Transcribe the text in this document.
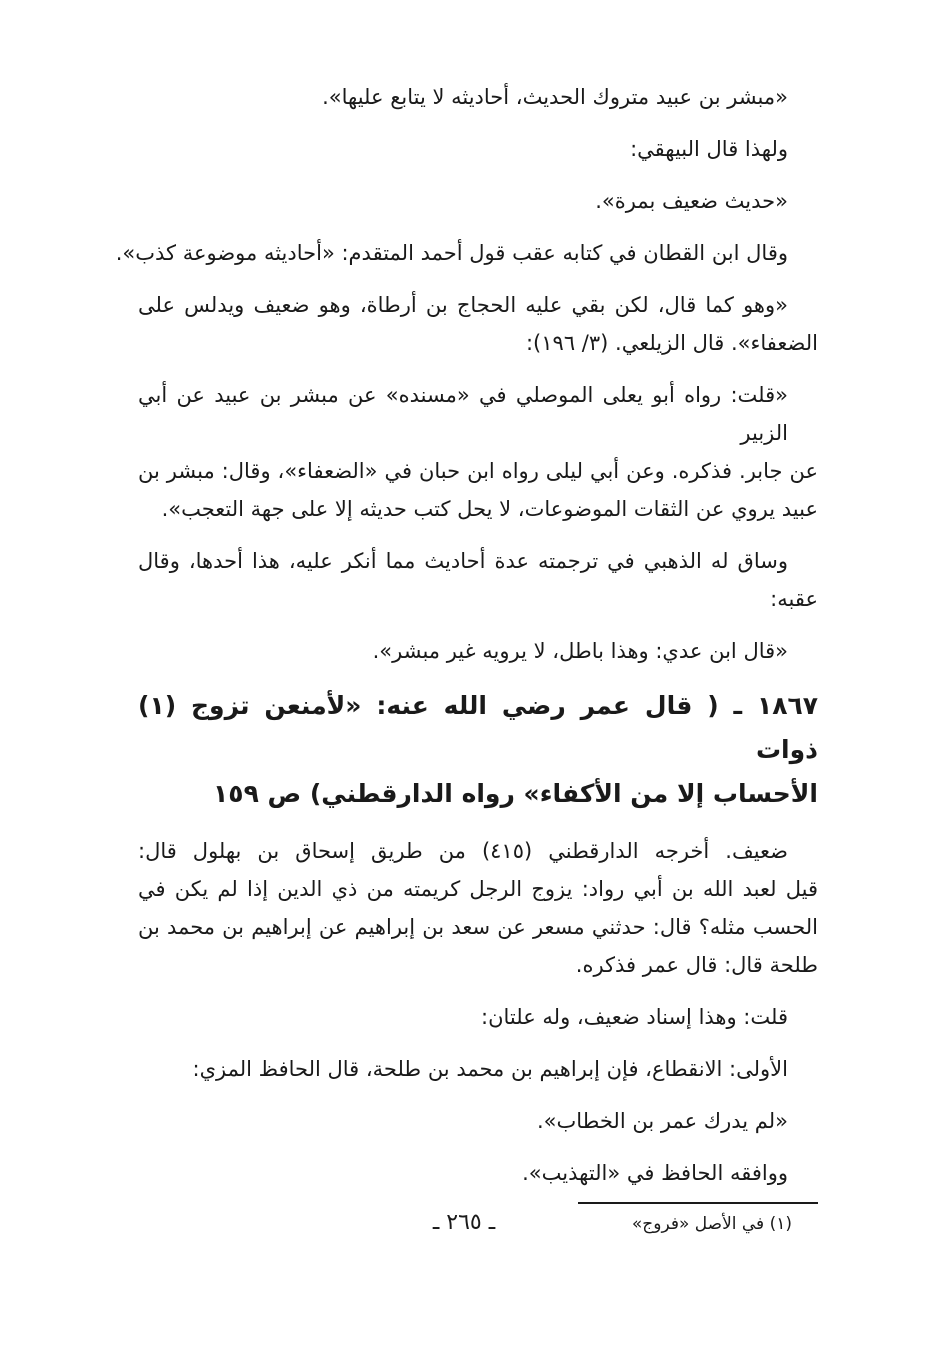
«مبشر بن عبيد متروك الحديث، أحاديثه لا يتابع عليها».
ولهذا قال البيهقي:
«حديث ضعيف بمرة».
وقال ابن القطان في كتابه عقب قول أحمد المتقدم: «أحاديثه موضوعة كذب».
«وهو كما قال، لكن بقي عليه الحجاج بن أرطاة، وهو ضعيف ويدلس على
الضعفاء». قال الزيلعي. (٣/ ١٩٦):
«قلت: رواه أبو يعلى الموصلي في «مسنده» عن مبشر بن عبيد عن أبي الزبير
عن جابر. فذكره. وعن أبي ليلى رواه ابن حبان في «الضعفاء»، وقال: مبشر بن
عبيد يروي عن الثقات الموضوعات، لا يحل كتب حديثه إلا على جهة التعجب».
وساق له الذهبي في ترجمته عدة أحاديث مما أنكر عليه، هذا أحدها، وقال
عقبه:
«قال ابن عدي: وهذا باطل، لا يرويه غير مبشر».
١٨٦٧ ـ ( قال عمر رضي الله عنه: «لأمنعن تزوج (١) ذوات
الأحساب إلا من الأكفاء» رواه الدارقطني) ص ١٥٩
ضعيف. أخرجه الدارقطني (٤١٥) من طريق إسحاق بن بهلول قال:
قيل لعبد الله بن أبي رواد: يزوج الرجل كريمته من ذي الدين إذا لم يكن في
الحسب مثله؟ قال: حدثني مسعر عن سعد بن إبراهيم عن إبراهيم بن محمد بن
طلحة قال: قال عمر فذكره.
قلت: وهذا إسناد ضعيف، وله علتان:
الأولى: الانقطاع، فإن إبراهيم بن محمد بن طلحة، قال الحافظ المزي:
«لم يدرك عمر بن الخطاب».
ووافقه الحافظ في «التهذيب».
(١) في الأصل «فروج»
ـ ٢٦٥ ـ
